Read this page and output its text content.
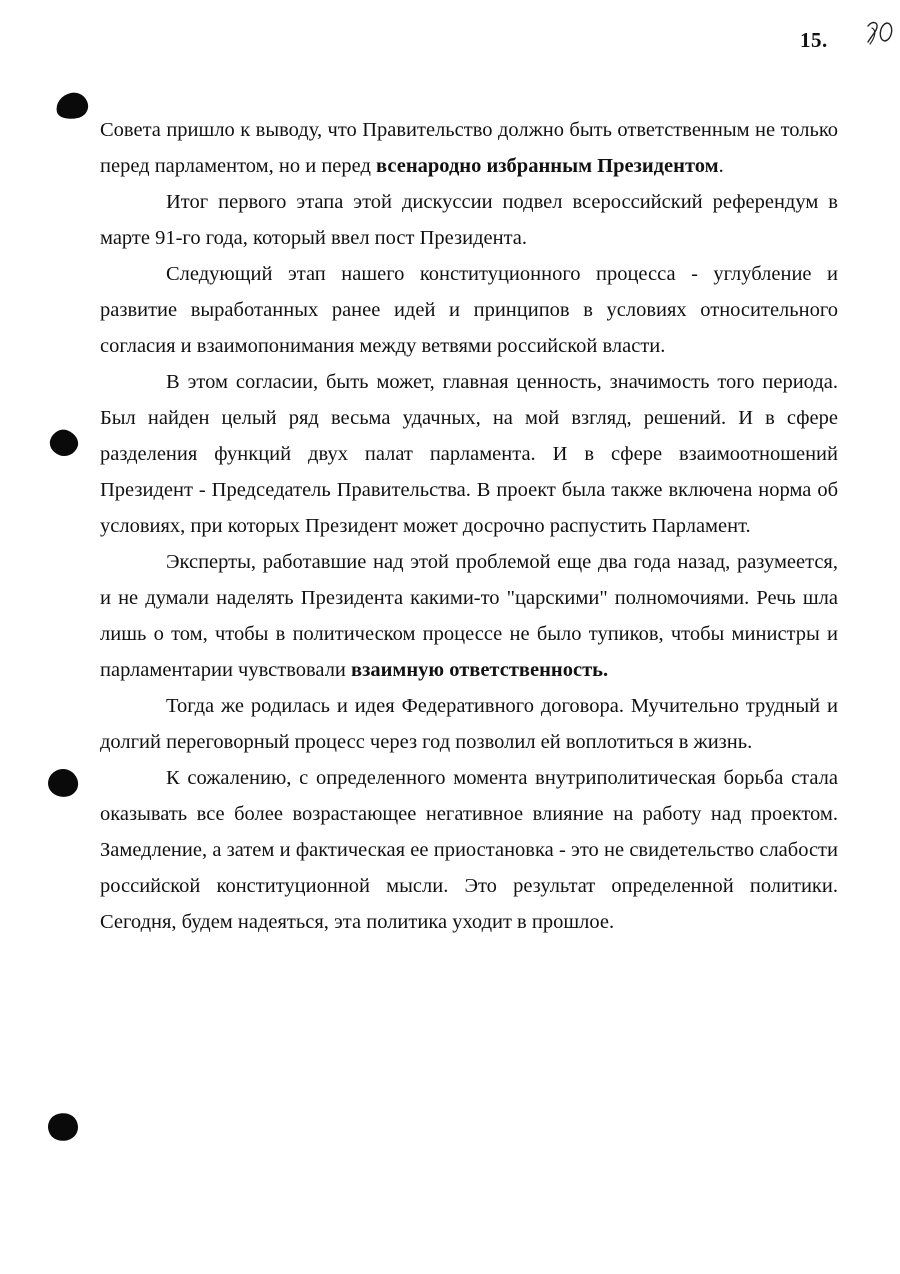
15.

Совета пришло к выводу, что Правительство должно быть ответственным не только перед парламентом, но и перед всенародно избранным Президентом.

Итог первого этапа этой дискуссии подвел всероссийский референдум в марте 91-го года, который ввел пост Президента.

Следующий этап нашего конституционного процесса - углубление и развитие выработанных ранее идей и принципов в условиях относительного согласия и взаимопонимания между ветвями российской власти.

В этом согласии, быть может, главная ценность, значимость того периода. Был найден целый ряд весьма удачных, на мой взгляд, решений. И в сфере разделения функций двух палат парламента. И в сфере взаимоотношений Президент - Председатель Правительства. В проект была также включена норма об условиях, при которых Президент может досрочно распустить Парламент.

Эксперты, работавшие над этой проблемой еще два года назад, разумеется, и не думали наделять Президента какими-то "царскими" полномочиями. Речь шла лишь о том, чтобы в политическом процессе не было тупиков, чтобы министры и парламентарии чувствовали взаимную ответственность.

Тогда же родилась и идея Федеративного договора. Мучительно трудный и долгий переговорный процесс через год позволил ей воплотиться в жизнь.

К сожалению, с определенного момента внутриполитическая борьба стала оказывать все более возрастающее негативное влияние на работу над проектом. Замедление, а затем и фактическая ее приостановка - это не свидетельство слабости российской конституционной мысли. Это результат определенной политики. Сегодня, будем надеяться, эта политика уходит в прошлое.
